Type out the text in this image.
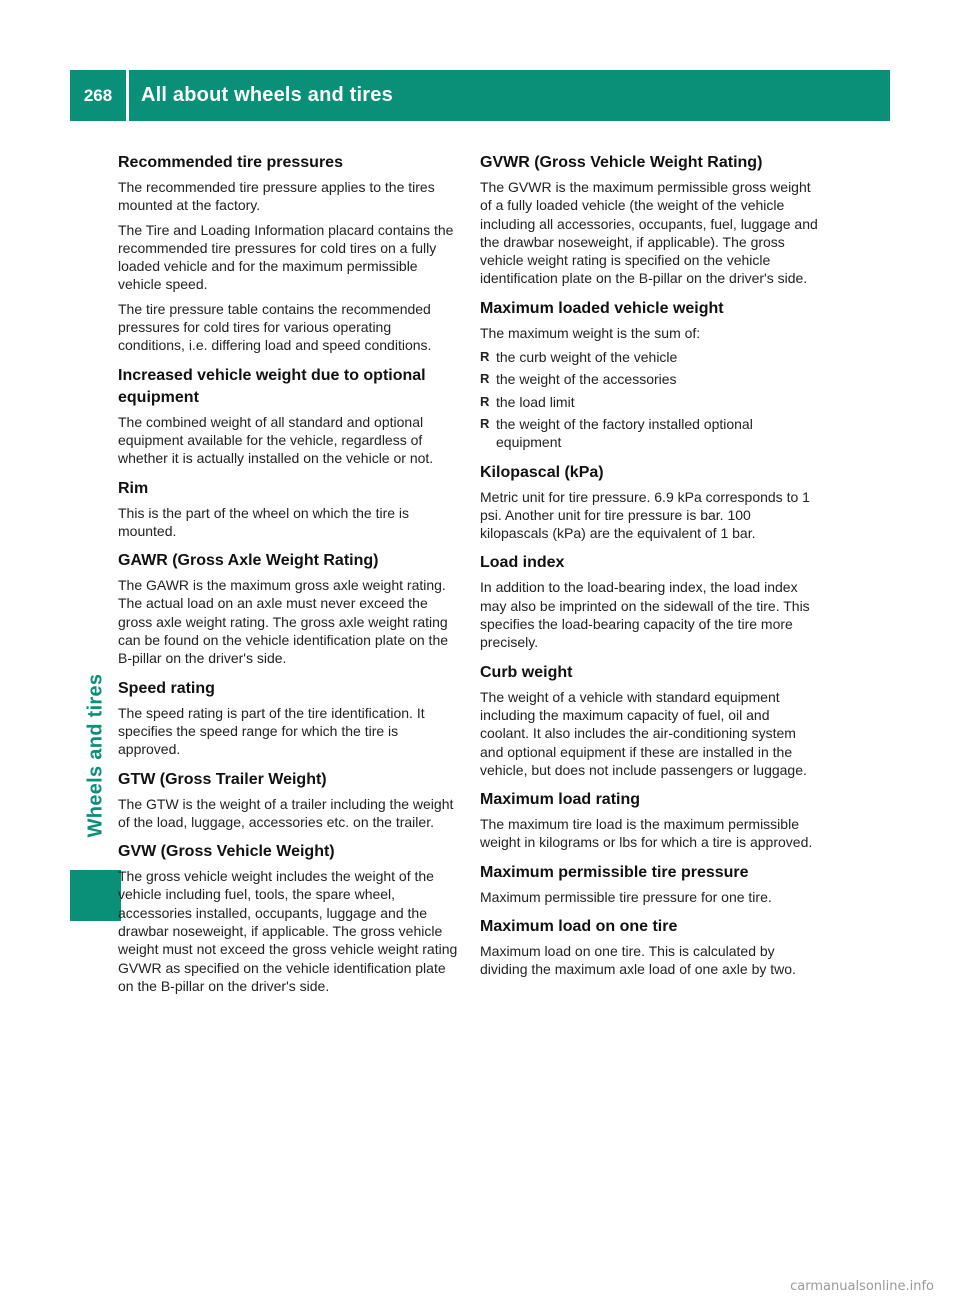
268	All about wheels and tires
Wheels and tires
Recommended tire pressures

The recommended tire pressure applies to the tires mounted at the factory.

The Tire and Loading Information placard contains the recommended tire pressures for cold tires on a fully loaded vehicle and for the maximum permissible vehicle speed.

The tire pressure table contains the recommended pressures for cold tires for various operating conditions, i.e. differing load and speed conditions.

Increased vehicle weight due to optional equipment

The combined weight of all standard and optional equipment available for the vehicle, regardless of whether it is actually installed on the vehicle or not.

Rim

This is the part of the wheel on which the tire is mounted.

GAWR (Gross Axle Weight Rating)

The GAWR is the maximum gross axle weight rating. The actual load on an axle must never exceed the gross axle weight rating. The gross axle weight rating can be found on the vehicle identification plate on the B-pillar on the driver's side.

Speed rating

The speed rating is part of the tire identification. It specifies the speed range for which the tire is approved.

GTW (Gross Trailer Weight)

The GTW is the weight of a trailer including the weight of the load, luggage, accessories etc. on the trailer.

GVW (Gross Vehicle Weight)

The gross vehicle weight includes the weight of the vehicle including fuel, tools, the spare wheel, accessories installed, occupants, luggage and the drawbar noseweight, if applicable. The gross vehicle weight must not exceed the gross vehicle weight rating GVWR as specified on the vehicle identification plate on the B-pillar on the driver's side.

GVWR (Gross Vehicle Weight Rating)

The GVWR is the maximum permissible gross weight of a fully loaded vehicle (the weight of the vehicle including all accessories, occupants, fuel, luggage and the drawbar noseweight, if applicable). The gross vehicle weight rating is specified on the vehicle identification plate on the B-pillar on the driver's side.

Maximum loaded vehicle weight

The maximum weight is the sum of:

R the curb weight of the vehicle
R the weight of the accessories
R the load limit
R the weight of the factory installed optional equipment
Kilopascal (kPa)

Metric unit for tire pressure. 6.9 kPa corresponds to 1 psi. Another unit for tire pressure is bar. 100 kilopascals (kPa) are the equivalent of 1 bar.

Load index

In addition to the load-bearing index, the load index may also be imprinted on the sidewall of the tire. This specifies the load-bearing capacity of the tire more precisely.

Curb weight

The weight of a vehicle with standard equipment including the maximum capacity of fuel, oil and coolant. It also includes the air-conditioning system and optional equipment if these are installed in the vehicle, but does not include passengers or luggage.

Maximum load rating

The maximum tire load is the maximum permissible weight in kilograms or lbs for which a tire is approved.

Maximum permissible tire pressure

Maximum permissible tire pressure for one tire.

Maximum load on one tire

Maximum load on one tire. This is calculated by dividing the maximum axle load of one axle by two.

carmanualsonline.info
